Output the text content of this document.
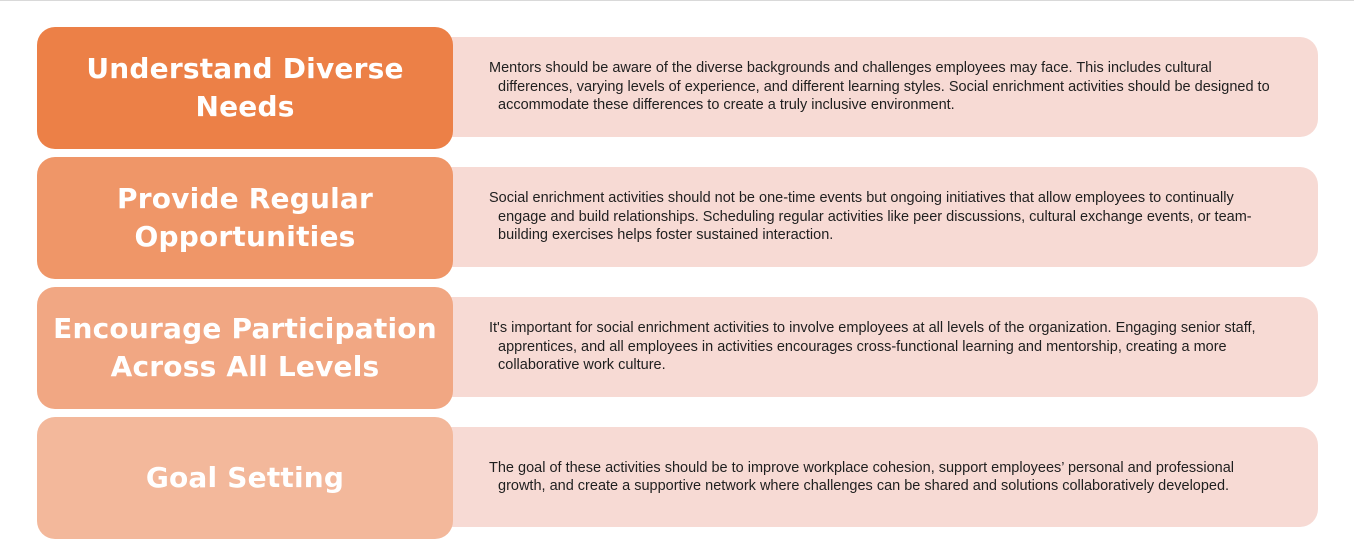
Mentors should be aware of the diverse backgrounds and challenges employees may face. This includes cultural differences, varying levels of experience, and different learning styles. Social enrichment activities should be designed to accommodate these differences to create a truly inclusive environment.

Understand Diverse Needs

Social enrichment activities should not be one-time events but ongoing initiatives that allow employees to continually engage and build relationships. Scheduling regular activities like peer discussions, cultural exchange events, or team-building exercises helps foster sustained interaction.

Provide Regular Opportunities

It's important for social enrichment activities to involve employees at all levels of the organization. Engaging senior staff, apprentices, and all employees in activities encourages cross-functional learning and mentorship, creating a more collaborative work culture.

Encourage Participation Across All Levels

The goal of these activities should be to improve workplace cohesion, support employees’ personal and professional growth, and create a supportive network where challenges can be shared and solutions collaboratively developed.

Goal Setting
